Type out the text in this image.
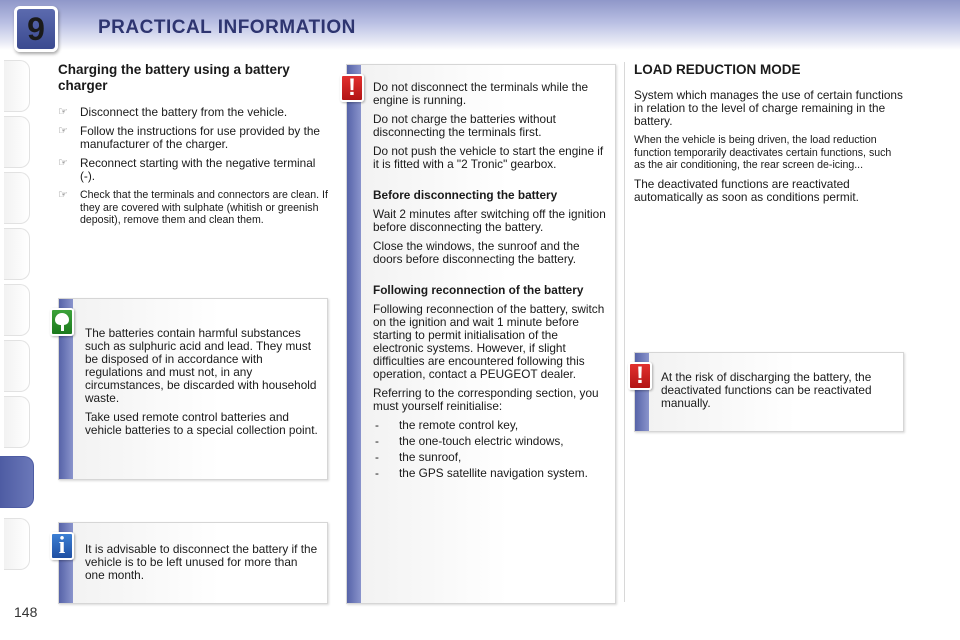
9	PRACTICAL INFORMATION
148
Charging the battery using a battery charger
☞ Disconnect the battery from the vehicle.
☞ Follow the instructions for use provided by the manufacturer of the charger.
☞ Reconnect starting with the negative terminal (-).
☞ Check that the terminals and connectors are clean. If they are covered with sulphate (whitish or greenish deposit), remove them and clean them.

The batteries contain harmful substances such as sulphuric acid and lead. They must be disposed of in accordance with regulations and must not, in any circumstances, be discarded with household waste.

Take used remote control batteries and vehicle batteries to a special collection point.

It is advisable to disconnect the battery if the vehicle is to be left unused for more than one month.

i

Do not disconnect the terminals while the engine is running.

Do not charge the batteries without disconnecting the terminals first.

Do not push the vehicle to start the engine if it is fitted with a "2 Tronic" gearbox.

Before disconnecting the battery

Wait 2 minutes after switching off the ignition before disconnecting the battery.

Close the windows, the sunroof and the doors before disconnecting the battery.

Following reconnection of the battery

Following reconnection of the battery, switch on the ignition and wait 1 minute before starting to permit initialisation of the electronic systems. However, if slight difficulties are encountered following this operation, contact a PEUGEOT dealer.

Referring to the corresponding section, you must yourself reinitialise:

- the remote control key,
- the one-touch electric windows,
- the sunroof,
- the GPS satellite navigation system.
!
LOAD REDUCTION MODE

System which manages the use of certain functions in relation to the level of charge remaining in the battery.

When the vehicle is being driven, the load reduction function temporarily deactivates certain functions, such as the air conditioning, the rear screen de-icing...

The deactivated functions are reactivated automatically as soon as conditions permit.

At the risk of discharging the battery, the deactivated functions can be reactivated manually.

!
